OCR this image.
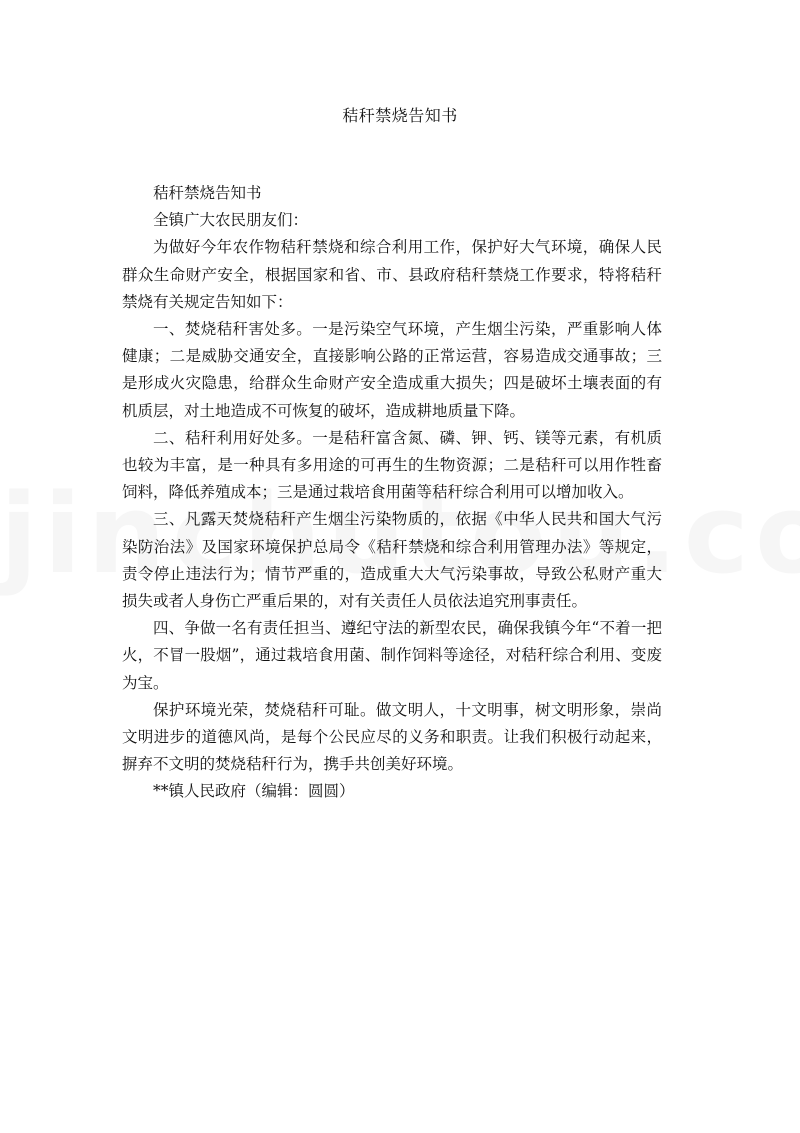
秸秆禁烧告知书

秸秆禁烧告知书

全镇广大农民朋友们：

为做好今年农作物秸秆禁烧和综合利用工作，保护好大气环境，确保人民群众生命财产安全，根据国家和省、市、县政府秸秆禁烧工作要求，特将秸秆禁烧有关规定告知如下：

一、焚烧秸秆害处多。一是污染空气环境，产生烟尘污染，严重影响人体健康；二是威胁交通安全，直接影响公路的正常运营，容易造成交通事故；三是形成火灾隐患，给群众生命财产安全造成重大损失；四是破坏土壤表面的有机质层，对土地造成不可恢复的破坏，造成耕地质量下降。

二、秸秆利用好处多。一是秸秆富含氮、磷、钾、钙、镁等元素，有机质也较为丰富，是一种具有多用途的可再生的生物资源；二是秸秆可以用作牲畜饲料，降低养殖成本；三是通过栽培食用菌等秸秆综合利用可以增加收入。

三、凡露天焚烧秸秆产生烟尘污染物质的，依据《中华人民共和国大气污染防治法》及国家环境保护总局令《秸秆禁烧和综合利用管理办法》等规定，责令停止违法行为；情节严重的，造成重大大气污染事故，导致公私财产重大损失或者人身伤亡严重后果的，对有关责任人员依法追究刑事责任。

四、争做一名有责任担当、遵纪守法的新型农民，确保我镇今年“不着一把火，不冒一股烟”，通过栽培食用菌、制作饲料等途径，对秸秆综合利用、变废为宝。

保护环境光荣，焚烧秸秆可耻。做文明人，十文明事，树文明形象，崇尚文明进步的道德风尚，是每个公民应尽的义务和职责。让我们积极行动起来，摒弃不文明的焚烧秸秆行为，携手共创美好环境。

**镇人民政府（编辑：圆圆）
